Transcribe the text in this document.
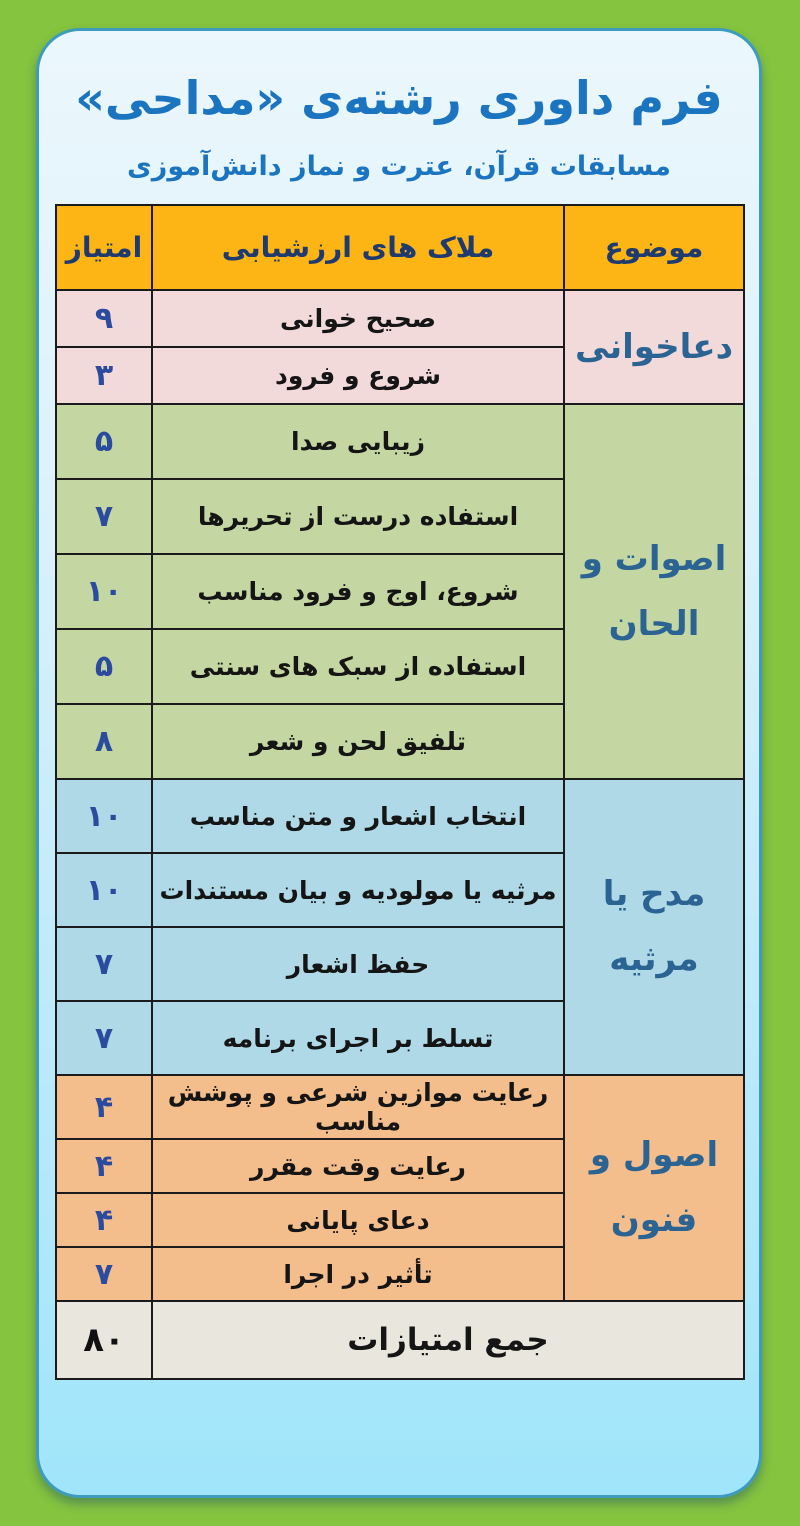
فرم داوری رشته‌ی «مداحی»
مسابقات قرآن، عترت و نماز دانش‌آموزی
موضوع	ملاک های ارزشیابی	امتیاز
دعاخوانی	صحیح خوانی	۹
	شروع و فرود	۳
اصوات و الحان	زیبایی صدا	۵
	استفاده درست از تحریرها	۷
	شروع، اوج و فرود مناسب	۱۰
	استفاده از سبک های سنتی	۵
	تلفیق لحن و شعر	۸
مدح یا مرثیه	انتخاب اشعار و متن مناسب	۱۰
	مرثیه یا مولودیه و بیان مستندات	۱۰
	حفظ اشعار	۷
	تسلط بر اجرای برنامه	۷
اصول و فنون	رعایت موازین شرعی و پوشش مناسب	۴
	رعایت وقت مقرر	۴
	دعای پایانی	۴
	تأثیر در اجرا	۷
جمع امتیازات		۸۰
